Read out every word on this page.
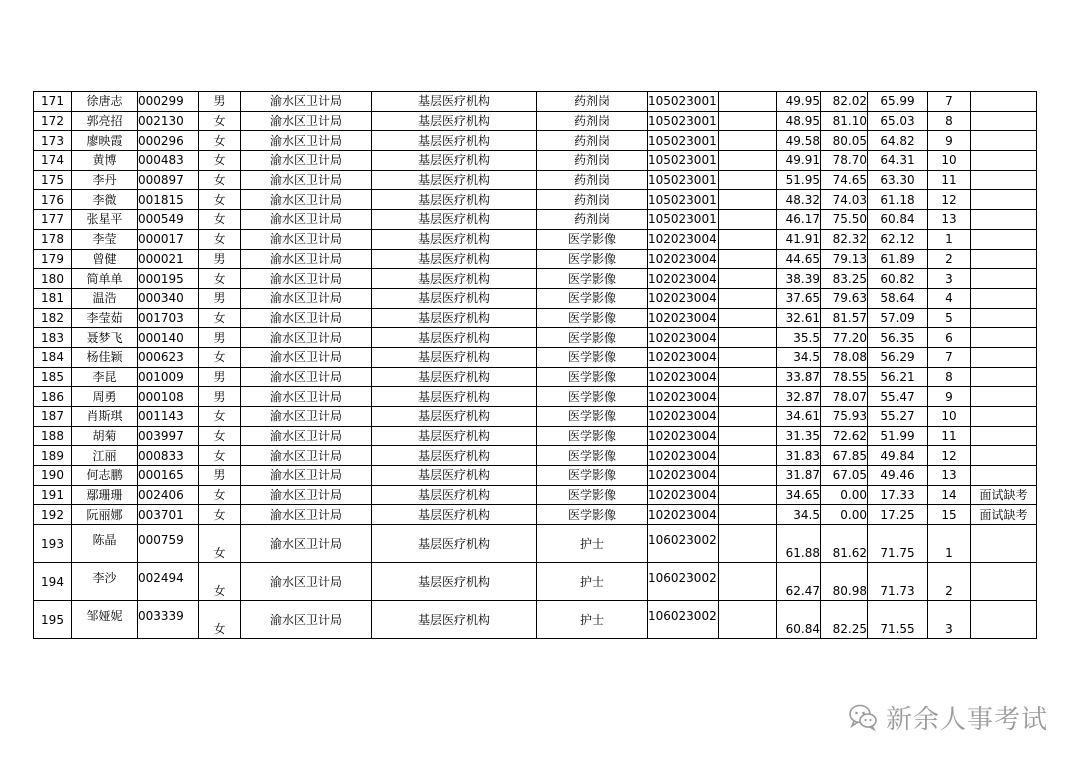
171	徐唐志	000299	男	渝水区卫计局	基层医疗机构	药剂岗	105023001		49.95	82.02	65.99	7	
172	郭亮招	002130	女	渝水区卫计局	基层医疗机构	药剂岗	105023001		48.95	81.10	65.03	8	
173	廖映霞	000296	女	渝水区卫计局	基层医疗机构	药剂岗	105023001		49.58	80.05	64.82	9	
174	黄博	000483	女	渝水区卫计局	基层医疗机构	药剂岗	105023001		49.91	78.70	64.31	10	
175	李丹	000897	女	渝水区卫计局	基层医疗机构	药剂岗	105023001		51.95	74.65	63.30	11	
176	李微	001815	女	渝水区卫计局	基层医疗机构	药剂岗	105023001		48.32	74.03	61.18	12	
177	张星平	000549	女	渝水区卫计局	基层医疗机构	药剂岗	105023001		46.17	75.50	60.84	13	
178	李莹	000017	女	渝水区卫计局	基层医疗机构	医学影像	102023004		41.91	82.32	62.12	1	
179	曾健	000021	男	渝水区卫计局	基层医疗机构	医学影像	102023004		44.65	79.13	61.89	2	
180	简单单	000195	女	渝水区卫计局	基层医疗机构	医学影像	102023004		38.39	83.25	60.82	3	
181	温浩	000340	男	渝水区卫计局	基层医疗机构	医学影像	102023004		37.65	79.63	58.64	4	
182	李莹茹	001703	女	渝水区卫计局	基层医疗机构	医学影像	102023004		32.61	81.57	57.09	5	
183	聂梦飞	000140	男	渝水区卫计局	基层医疗机构	医学影像	102023004		35.5	77.20	56.35	6	
184	杨佳颖	000623	女	渝水区卫计局	基层医疗机构	医学影像	102023004		34.5	78.08	56.29	7	
185	李昆	001009	男	渝水区卫计局	基层医疗机构	医学影像	102023004		33.87	78.55	56.21	8	
186	周勇	000108	男	渝水区卫计局	基层医疗机构	医学影像	102023004		32.87	78.07	55.47	9	
187	肖斯琪	001143	女	渝水区卫计局	基层医疗机构	医学影像	102023004		34.61	75.93	55.27	10	
188	胡菊	003997	女	渝水区卫计局	基层医疗机构	医学影像	102023004		31.35	72.62	51.99	11	
189	江丽	000833	女	渝水区卫计局	基层医疗机构	医学影像	102023004		31.83	67.85	49.84	12	
190	何志鹏	000165	男	渝水区卫计局	基层医疗机构	医学影像	102023004		31.87	67.05	49.46	13	
191	鄢珊珊	002406	女	渝水区卫计局	基层医疗机构	医学影像	102023004		34.65	0.00	17.33	14	面试缺考
192	阮丽娜	003701	女	渝水区卫计局	基层医疗机构	医学影像	102023004		34.5	0.00	17.25	15	面试缺考
193	陈晶	000759	女	渝水区卫计局	基层医疗机构	护士	106023002		61.88	81.62	71.75	1	
194	李沙	002494	女	渝水区卫计局	基层医疗机构	护士	106023002		62.47	80.98	71.73	2	
195	邹娅妮	003339	女	渝水区卫计局	基层医疗机构	护士	106023002		60.84	82.25	71.55	3	
新余人事考试
